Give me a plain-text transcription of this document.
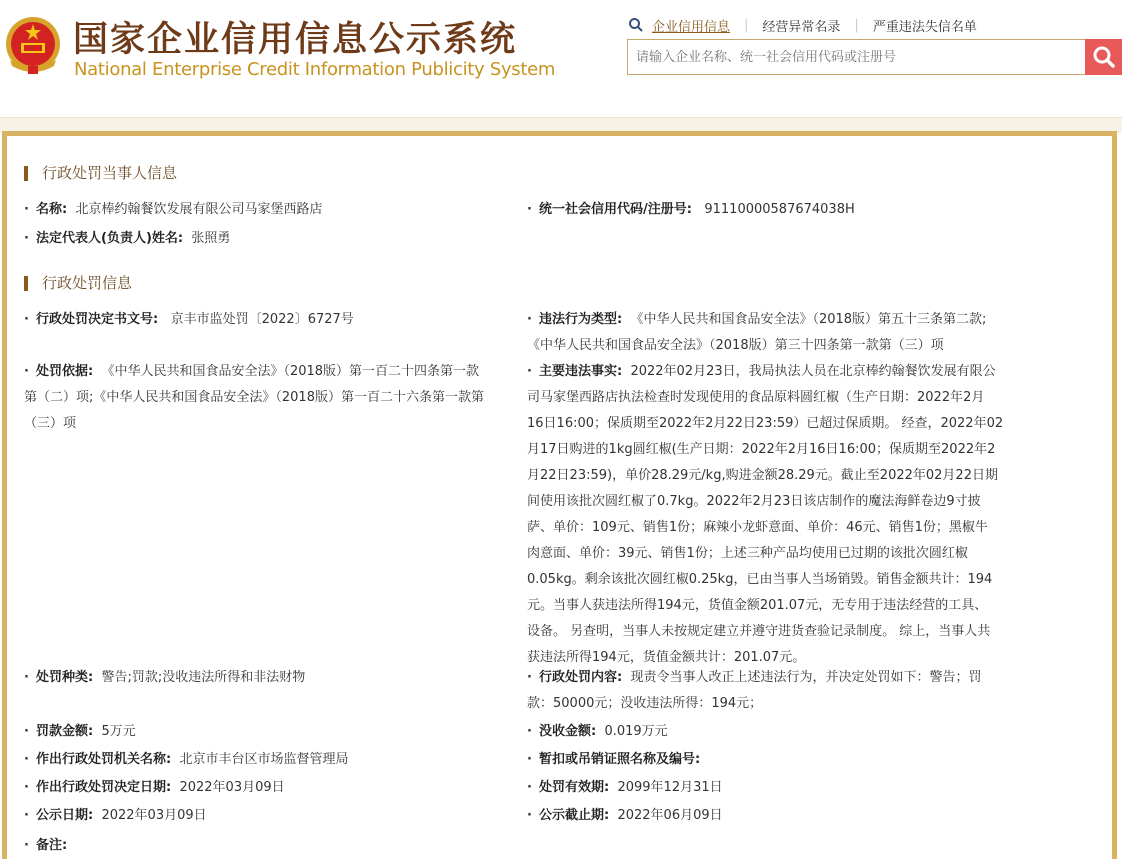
国家企业信用信息公示系统
National Enterprise Credit Information Publicity System
企业信用信息 | 经营异常名录 | 严重违法失信名单
请输入企业名称、统一社会信用代码或注册号
行政处罚当事人信息
· 名称: 北京棒约翰餐饮发展有限公司马家堡西路店	· 统一社会信用代码/注册号: 91110000587674038H
· 法定代表人(负责人)姓名: 张照勇
行政处罚信息
· 行政处罚决定书文号: 京丰市监处罚〔2022〕6727号	· 违法行为类型: 《中华人民共和国食品安全法》（2018版）第五十三条第二款;
《中华人民共和国食品安全法》（2018版）第三十四条第一款第（三）项
· 处罚依据: 《中华人民共和国食品安全法》（2018版）第一百二十四条第一款
第（二）项;《中华人民共和国食品安全法》（2018版）第一百二十六条第一款第
（三）项
· 主要违法事实: 2022年02月23日，我局执法人员在北京棒约翰餐饮发展有限公
司马家堡西路店执法检查时发现使用的食品原料圆红椒（生产日期：2022年2月
16日16:00；保质期至2022年2月22日23:59）已超过保质期。 经查，2022年02
月17日购进的1kg圆红椒(生产日期：2022年2月16日16:00；保质期至2022年2
月22日23:59)，单价28.29元/kg,购进金额28.29元。截止至2022年02月22日期
间使用该批次圆红椒了0.7kg。2022年2月23日该店制作的魔法海鲜卷边9寸披
萨、单价：109元、销售1份；麻辣小龙虾意面、单价：46元、销售1份；黑椒牛
肉意面、单价：39元、销售1份；上述三种产品均使用已过期的该批次圆红椒
0.05kg。剩余该批次圆红椒0.25kg，已由当事人当场销毁。销售金额共计：194
元。当事人获违法所得194元，货值金额201.07元，无专用于违法经营的工具、
设备。 另查明，当事人未按规定建立并遵守进货查验记录制度。 综上，当事人共
获违法所得194元，货值金额共计：201.07元。
· 处罚种类: 警告;罚款;没收违法所得和非法财物	· 行政处罚内容: 现责令当事人改正上述违法行为，并决定处罚如下：警告；罚
款：50000元；没收违法所得：194元；
· 罚款金额: 5万元	· 没收金额: 0.019万元
· 作出行政处罚机关名称: 北京市丰台区市场监督管理局	· 暂扣或吊销证照名称及编号:
· 作出行政处罚决定日期: 2022年03月09日	· 处罚有效期: 2099年12月31日
· 公示日期: 2022年03月09日	· 公示截止期: 2022年06月09日
· 备注:
